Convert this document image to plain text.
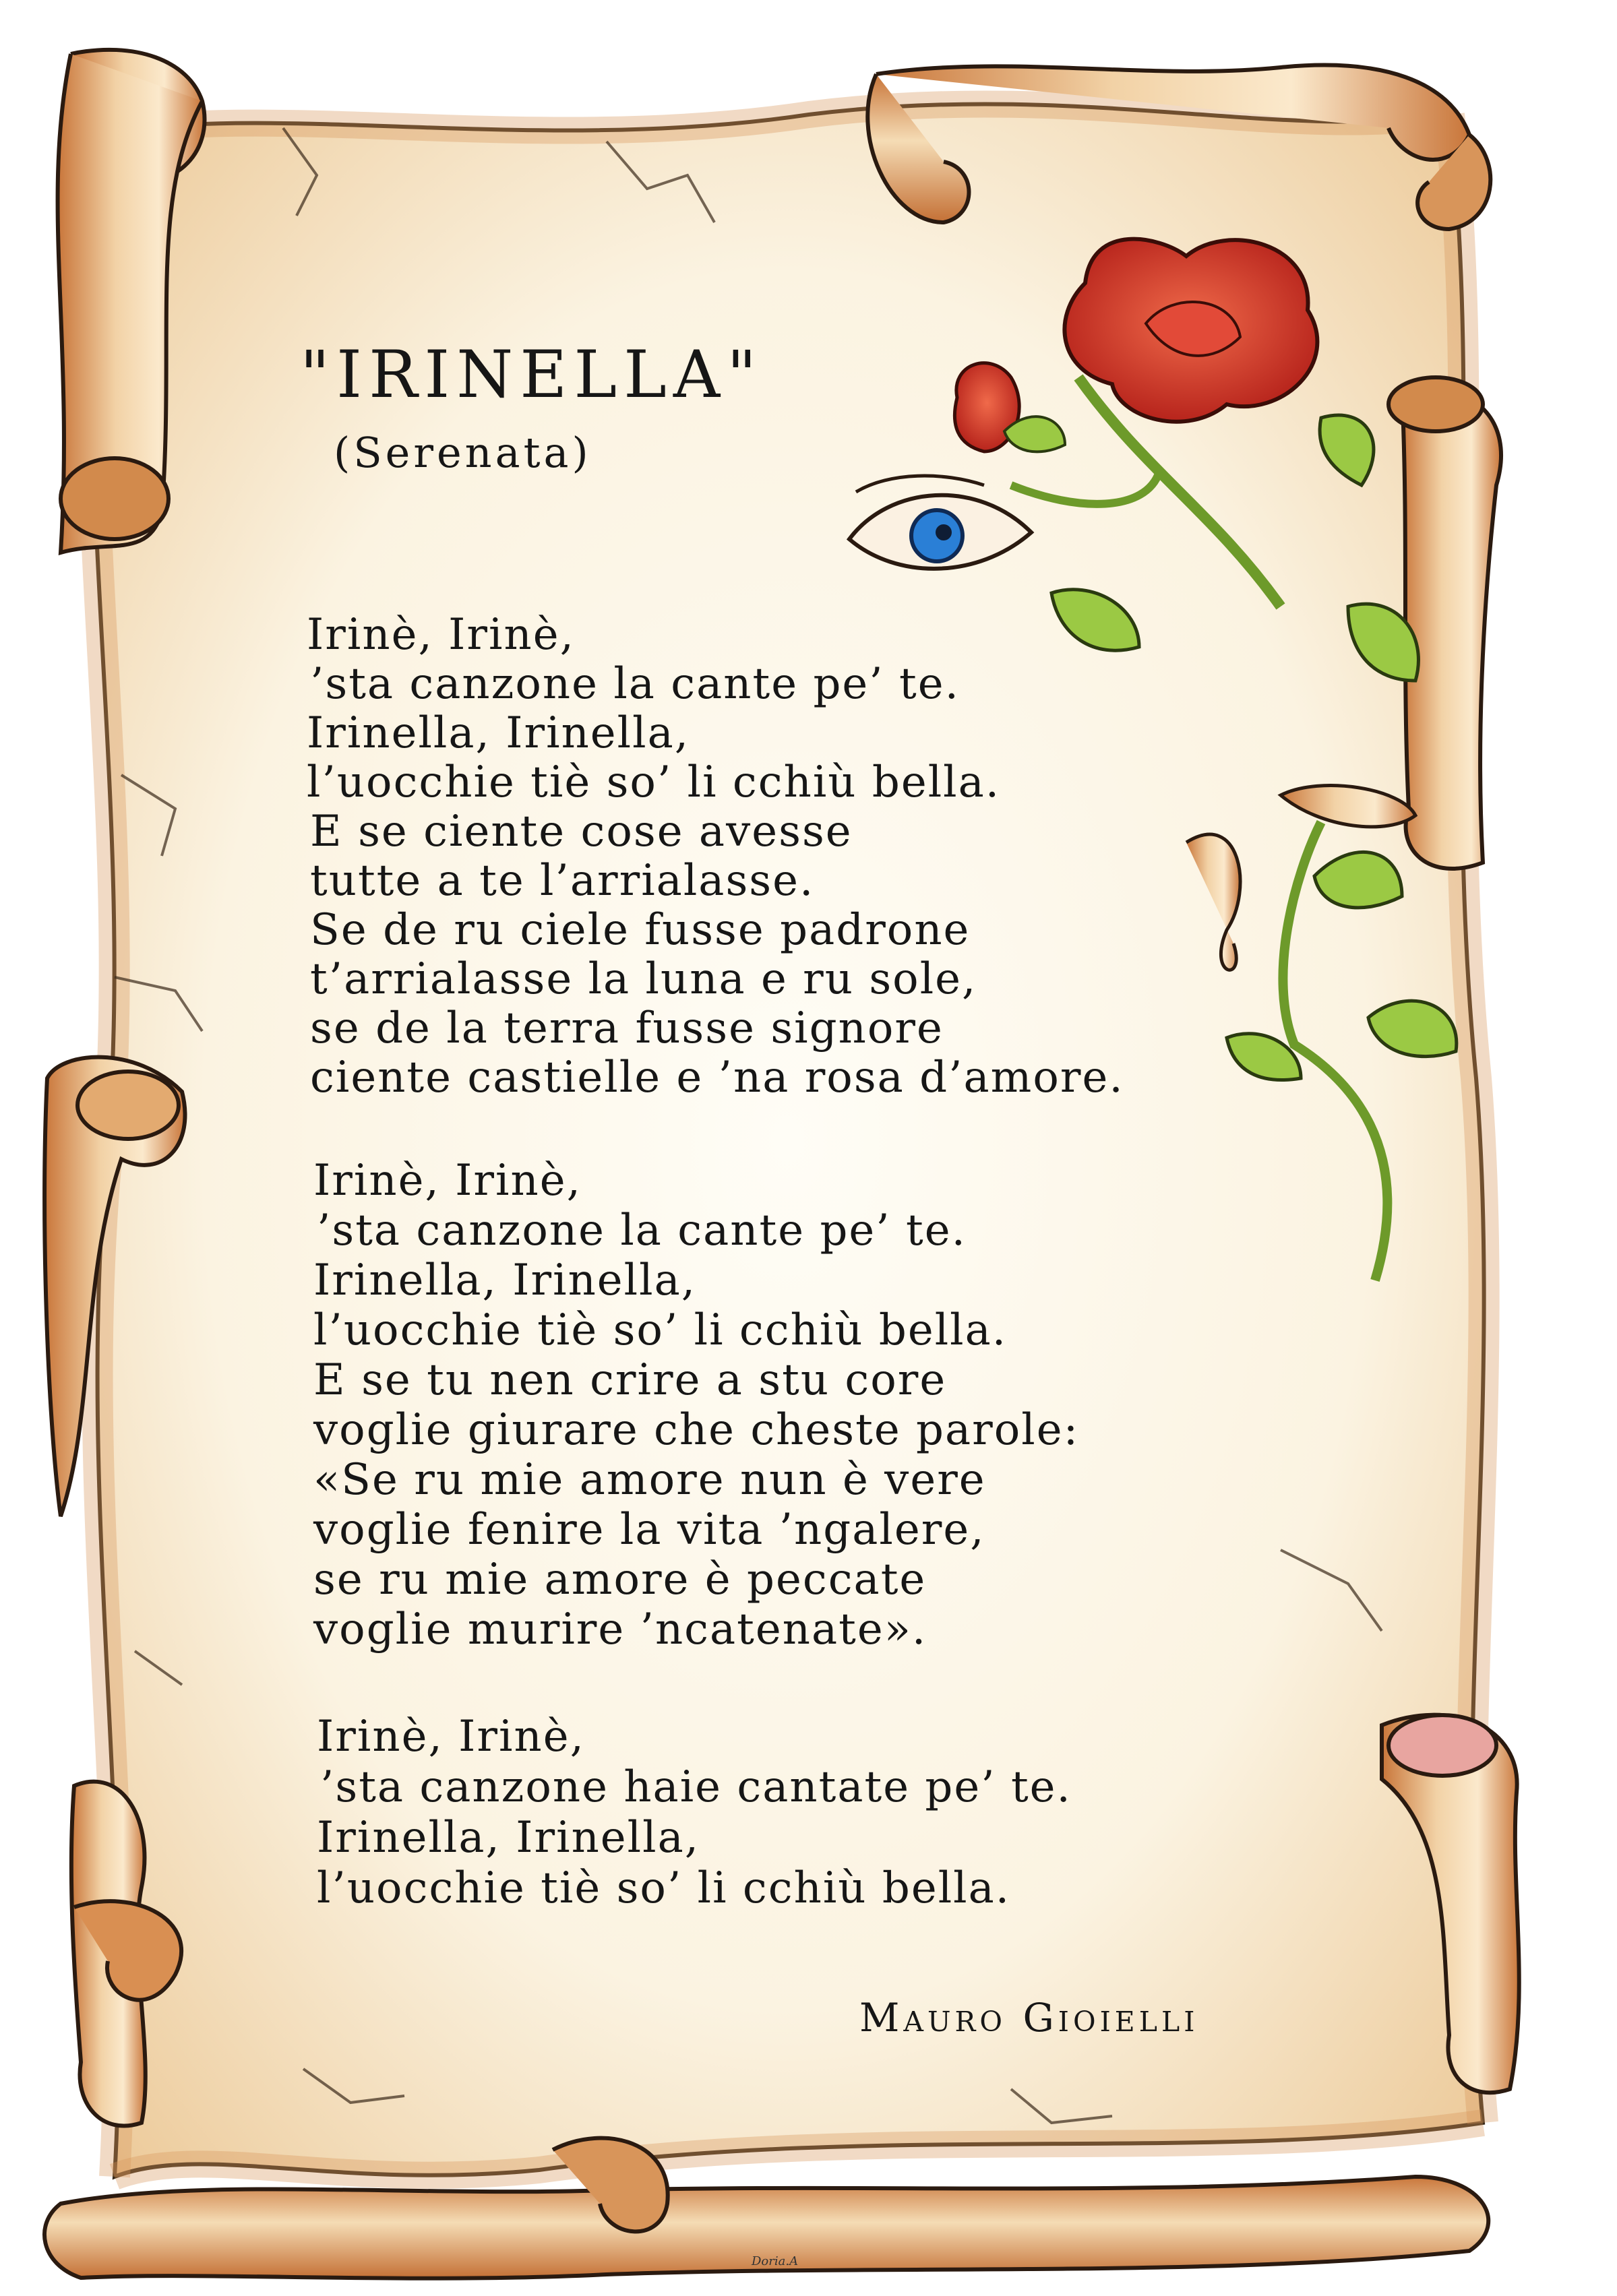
"IRINELLA"
(Serenata)
Irinè, Irinè,
’sta canzone la cante pe’ te.
Irinella, Irinella,
l’uocchie tiè so’ li cchiù bella.
E se ciente cose avesse
tutte a te l’arrialasse.
Se de ru ciele fusse padrone
t’arrialasse la luna e ru sole,
se de la terra fusse signore
ciente castielle e ’na rosa d’amore.
Irinè, Irinè,
’sta canzone la cante pe’ te.
Irinella, Irinella,
l’uocchie tiè so’ li cchiù bella.
E se tu nen crire a stu core
voglie giurare che cheste parole:
«Se ru mie amore nun è vere
voglie fenire la vita ’ngalere,
se ru mie amore è peccate
voglie murire ’ncatenate».
Irinè, Irinè,
’sta canzone haie cantate pe’ te.
Irinella, Irinella,
l’uocchie tiè so’ li cchiù bella.
Mauro Gioielli
Doria.A
